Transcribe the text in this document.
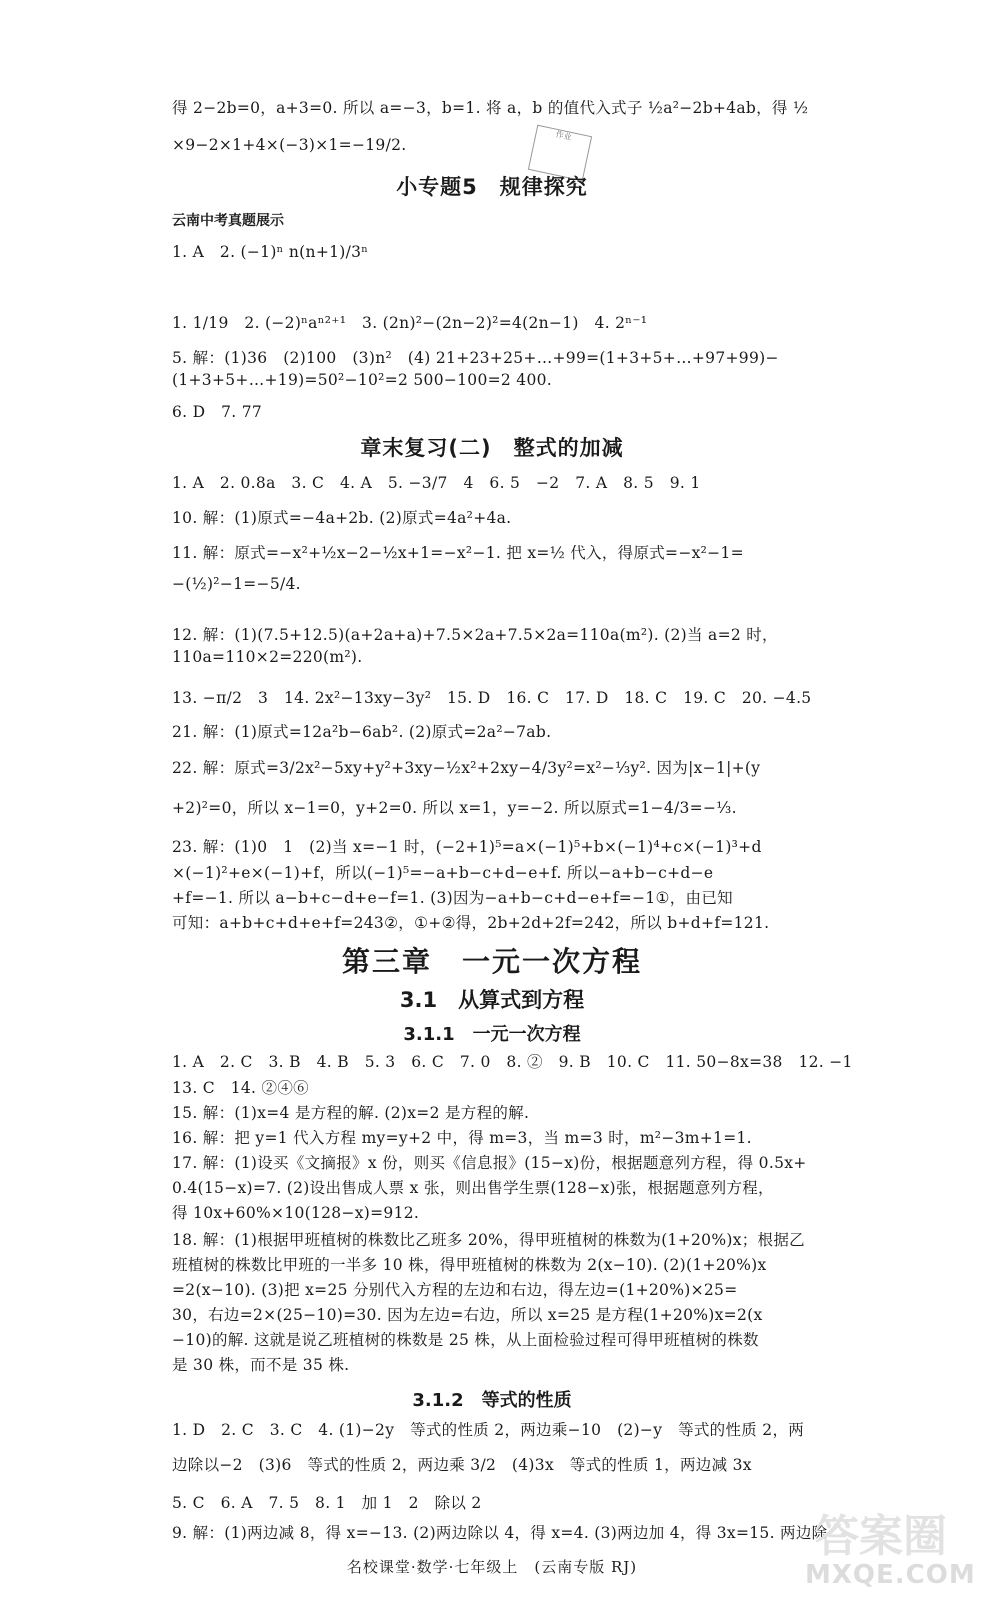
得 2−2b=0，a+3=0. 所以 a=−3，b=1. 将 a，b 的值代入式子 ½a²−2b+4ab，得 ½
×9−2×1+4×(−3)×1=−19/2.
作业
小专题5　规律探究
云南中考真题展示
1. A　2. (−1)ⁿ n(n+1)/3ⁿ
1. 1/19　2. (−2)ⁿaⁿ²⁺¹　3. (2n)²−(2n−2)²=4(2n−1)　4. 2ⁿ⁻¹
5. 解：(1)36　(2)100　(3)n²　(4) 21+23+25+…+99=(1+3+5+…+97+99)−
(1+3+5+…+19)=50²−10²=2 500−100=2 400.
6. D　7. 77
章末复习(二)　整式的加减
1. A　2. 0.8a　3. C　4. A　5. −3/7　4　6. 5　−2　7. A　8. 5　9. 1
10. 解：(1)原式=−4a+2b. (2)原式=4a²+4a.
11. 解：原式=−x²+½x−2−½x+1=−x²−1. 把 x=½ 代入，得原式=−x²−1=
−(½)²−1=−5/4.
12. 解：(1)(7.5+12.5)(a+2a+a)+7.5×2a+7.5×2a=110a(m²). (2)当 a=2 时，
110a=110×2=220(m²).
13. −π/2　3　14. 2x²−13xy−3y²　15. D　16. C　17. D　18. C　19. C　20. −4.5
21. 解：(1)原式=12a²b−6ab². (2)原式=2a²−7ab.
22. 解：原式=3/2x²−5xy+y²+3xy−½x²+2xy−4/3y²=x²−⅓y². 因为|x−1|+(y
+2)²=0，所以 x−1=0，y+2=0. 所以 x=1，y=−2. 所以原式=1−4/3=−⅓.
23. 解：(1)0　1　(2)当 x=−1 时，(−2+1)⁵=a×(−1)⁵+b×(−1)⁴+c×(−1)³+d
×(−1)²+e×(−1)+f，所以(−1)⁵=−a+b−c+d−e+f. 所以−a+b−c+d−e
+f=−1. 所以 a−b+c−d+e−f=1. (3)因为−a+b−c+d−e+f=−1①，由已知
可知：a+b+c+d+e+f=243②，①+②得，2b+2d+2f=242，所以 b+d+f=121.
第三章　一元一次方程
3.1　从算式到方程
3.1.1　一元一次方程
1. A　2. C　3. B　4. B　5. 3　6. C　7. 0　8. ②　9. B　10. C　11. 50−8x=38　12. −1
13. C　14. ②④⑥
15. 解：(1)x=4 是方程的解. (2)x=2 是方程的解.
16. 解：把 y=1 代入方程 my=y+2 中，得 m=3，当 m=3 时，m²−3m+1=1.
17. 解：(1)设买《文摘报》x 份，则买《信息报》(15−x)份，根据题意列方程，得 0.5x+
0.4(15−x)=7. (2)设出售成人票 x 张，则出售学生票(128−x)张，根据题意列方程，
得 10x+60%×10(128−x)=912.
18. 解：(1)根据甲班植树的株数比乙班多 20%，得甲班植树的株数为(1+20%)x；根据乙
班植树的株数比甲班的一半多 10 株，得甲班植树的株数为 2(x−10). (2)(1+20%)x
=2(x−10). (3)把 x=25 分别代入方程的左边和右边，得左边=(1+20%)×25=
30，右边=2×(25−10)=30. 因为左边=右边，所以 x=25 是方程(1+20%)x=2(x
−10)的解. 这就是说乙班植树的株数是 25 株，从上面检验过程可得甲班植树的株数
是 30 株，而不是 35 株.
3.1.2　等式的性质
1. D　2. C　3. C　4. (1)−2y　等式的性质 2，两边乘−10　(2)−y　等式的性质 2，两
边除以−2　(3)6　等式的性质 2，两边乘 3/2　(4)3x　等式的性质 1，两边减 3x
5. C　6. A　7. 5　8. 1　加 1　2　除以 2
9. 解：(1)两边减 8，得 x=−13. (2)两边除以 4，得 x=4. (3)两边加 4，得 3x=15. 两边除
名校课堂·数学·七年级上　(云南专版 RJ)
答案圈
MXQE.COM
